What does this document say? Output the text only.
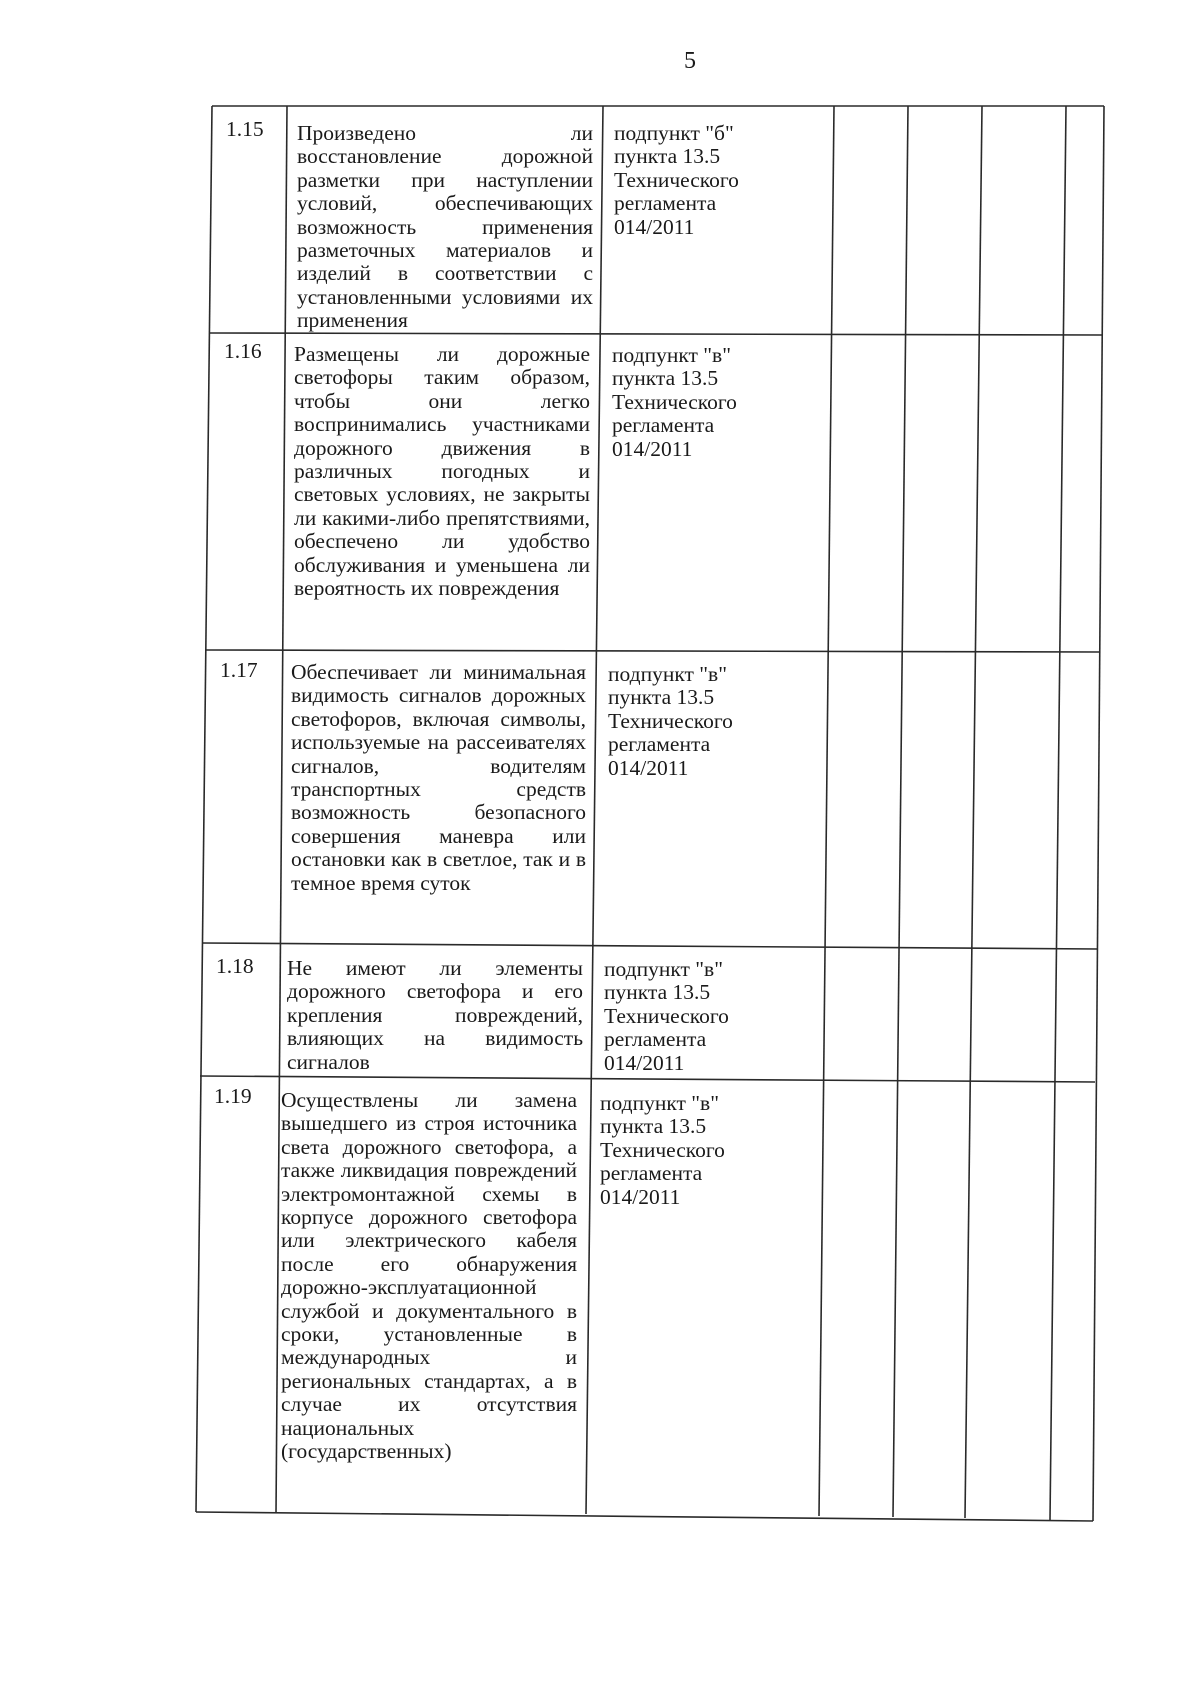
5
1.15 Произведено ли восстановление дорожной разметки при наступлении условий, обеспечивающих возможность применения разметочных материалов и изделий в соответствии с установленными условиями их применения
подпункт "б"
пункта 13.5
Технического
регламента
014/2011
1.16 Размещены ли дорожные светофоры таким образом, чтобы они легко воспринимались участниками дорожного движения в различных погодных и световых условиях, не закрыты ли какими-либо препятствиями, обеспечено ли удобство обслуживания и уменьшена ли вероятность их повреждения
подпункт "в"
пункта 13.5
Технического
регламента
014/2011
1.17 Обеспечивает ли минимальная видимость сигналов дорожных светофоров, включая символы, используемые на рассеивателях сигналов, водителям транспортных средств возможность безопасного совершения маневра или остановки как в светлое, так и в темное время суток
подпункт "в"
пункта 13.5
Технического
регламента
014/2011
1.18 Не имеют ли элементы дорожного светофора и его крепления повреждений, влияющих на видимость сигналов
подпункт "в"
пункта 13.5
Технического
регламента
014/2011
1.19 Осуществлены ли замена вышедшего из строя источника света дорожного светофора, а также ликвидация повреждений электромонтажной схемы в корпусе дорожного светофора или электрического кабеля после его обнаружения дорожно-эксплуатационной службой и документального в сроки, установленные в международных и региональных стандартах, а в случае их отсутствия национальных (государственных)
подпункт "в"
пункта 13.5
Технического
регламента
014/2011
